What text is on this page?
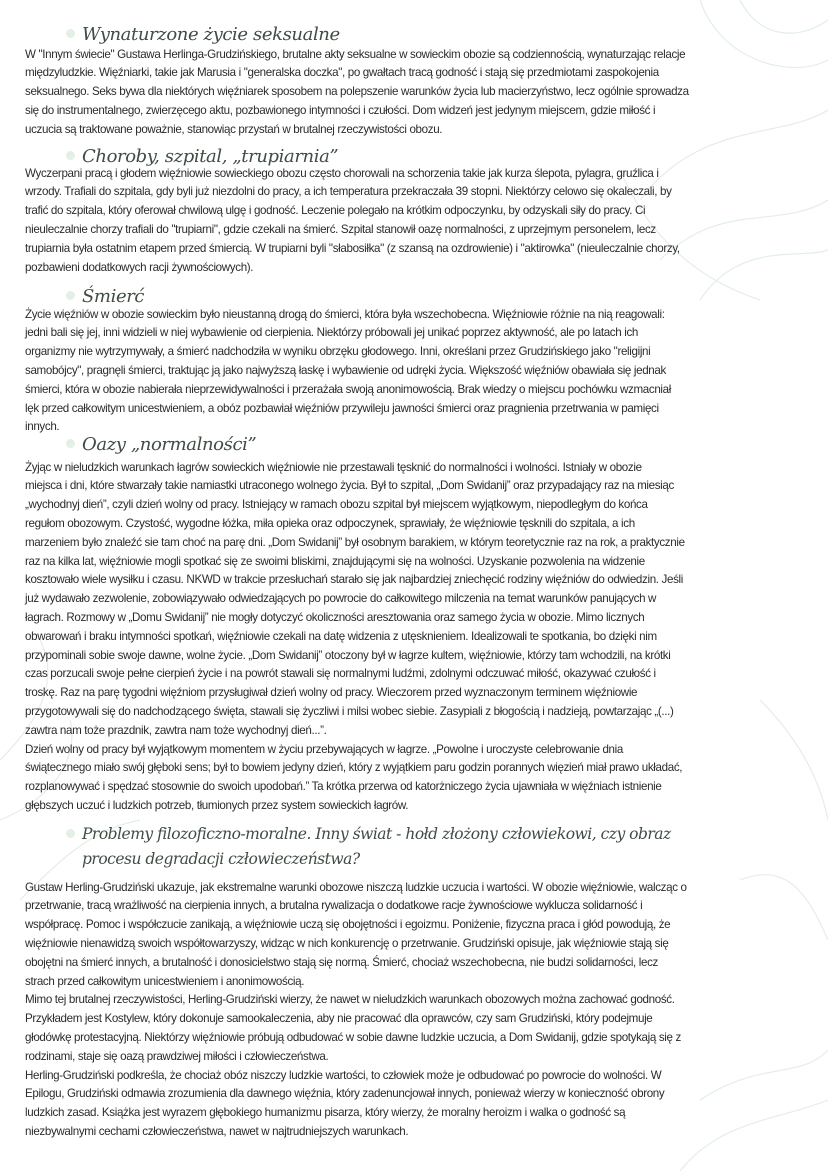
Wynaturzone życie seksualne
W "Innym świecie" Gustawa Herlinga-Grudzińskiego, brutalne akty seksualne w sowieckim obozie są codziennością, wynaturzając relacje
międzyludzkie. Więźniarki, takie jak Marusia i "generalska doczka", po gwałtach tracą godność i stają się przedmiotami zaspokojenia
seksualnego. Seks bywa dla niektórych więźniarek sposobem na polepszenie warunków życia lub macierzyństwo, lecz ogólnie sprowadza
się do instrumentalnego, zwierzęcego aktu, pozbawionego intymności i czułości. Dom widzeń jest jedynym miejscem, gdzie miłość i
uczucia są traktowane poważnie, stanowiąc przystań w brutalnej rzeczywistości obozu.
Choroby, szpital, „trupiarnia”
Wyczerpani pracą i głodem więźniowie sowieckiego obozu często chorowali na schorzenia takie jak kurza ślepota, pylagra, gruźlica i
wrzody. Trafiali do szpitala, gdy byli już niezdolni do pracy, a ich temperatura przekraczała 39 stopni. Niektórzy celowo się okaleczali, by
trafić do szpitala, który oferował chwilową ulgę i godność. Leczenie polegało na krótkim odpoczynku, by odzyskali siły do pracy. Ci
nieuleczalnie chorzy trafiali do "trupiarni", gdzie czekali na śmierć. Szpital stanowił oazę normalności, z uprzejmym personelem, lecz
trupiarnia była ostatnim etapem przed śmiercią. W trupiarni byli "słabosiłka" (z szansą na ozdrowienie) i "aktirowka" (nieuleczalnie chorzy,
pozbawieni dodatkowych racji żywnościowych).
Śmierć
Życie więźniów w obozie sowieckim było nieustanną drogą do śmierci, która była wszechobecna. Więźniowie różnie na nią reagowali:
jedni bali się jej, inni widzieli w niej wybawienie od cierpienia. Niektórzy próbowali jej unikać poprzez aktywność, ale po latach ich
organizmy nie wytrzymywały, a śmierć nadchodziła w wyniku obrzęku głodowego. Inni, określani przez Grudzińskiego jako "religijni
samobójcy", pragnęli śmierci, traktując ją jako najwyższą łaskę i wybawienie od udręki życia. Większość więźniów obawiała się jednak
śmierci, która w obozie nabierała nieprzewidywalności i przerażała swoją anonimowością. Brak wiedzy o miejscu pochówku wzmacniał
lęk przed całkowitym unicestwieniem, a obóz pozbawiał więźniów przywileju jawności śmierci oraz pragnienia przetrwania w pamięci
innych.
Oazy „normalności”
Żyjąc w nieludzkich warunkach łagrów sowieckich więźniowie nie przestawali tęsknić do normalności i wolności. Istniały w obozie
miejsca i dni, które stwarzały takie namiastki utraconego wolnego życia. Był to szpital, „Dom Swidanij” oraz przypadający raz na miesiąc
„wychodnyj dień”, czyli dzień wolny od pracy. Istniejący w ramach obozu szpital był miejscem wyjątkowym, niepodległym do końca
regułom obozowym. Czystość, wygodne łóżka, miła opieka oraz odpoczynek, sprawiały, że więźniowie tęsknili do szpitala, a ich
marzeniem było znaleźć sie tam choć na parę dni. „Dom Swidanij” był osobnym barakiem, w którym teoretycznie raz na rok, a praktycznie
raz na kilka lat, więźniowie mogli spotkać się ze swoimi bliskimi, znajdującymi się na wolności. Uzyskanie pozwolenia na widzenie
kosztowało wiele wysiłku i czasu. NKWD w trakcie przesłuchań starało się jak najbardziej zniechęcić rodziny więźniów do odwiedzin. Jeśli
już wydawało zezwolenie, zobowiązywało odwiedzających po powrocie do całkowitego milczenia na temat warunków panujących w
łagrach. Rozmowy w „Domu Swidanij” nie mogły dotyczyć okoliczności aresztowania oraz samego życia w obozie. Mimo licznych
obwarowań i braku intymności spotkań, więźniowie czekali na datę widzenia z utęsknieniem. Idealizowali te spotkania, bo dzięki nim
przypominali sobie swoje dawne, wolne życie. „Dom Swidanij” otoczony był w łagrze kultem, więźniowie, którzy tam wchodzili, na krótki
czas porzucali swoje pełne cierpień życie i na powrót stawali się normalnymi ludźmi, zdolnymi odczuwać miłość, okazywać czułość i
troskę. Raz na parę tygodni więźniom przysługiwał dzień wolny od pracy. Wieczorem przed wyznaczonym terminem więźniowie
przygotowywali się do nadchodzącego święta, stawali się życzliwi i milsi wobec siebie. Zasypiali z błogością i nadzieją, powtarzając „(...)
zawtra nam tożе prazdnik, zawtra nam tożе wychodnyj dień...”.
Dzień wolny od pracy był wyjątkowym momentem w życiu przebywających w łagrze. „Powolne i uroczyste celebrowanie dnia
świątecznego miało swój głęboki sens; był to bowiem jedyny dzień, który z wyjątkiem paru godzin porannych więzień miał prawo układać,
rozplanowywać i spędzać stosownie do swoich upodobań.” Ta krótka przerwa od katorżniczego życia ujawniała w więźniach istnienie
głębszych uczuć i ludzkich potrzeb, tłumionych przez system sowieckich łagrów.
Problemy filozoficzno-moralne. Inny świat - hołd złożony człowiekowi, czy obraz
procesu degradacji człowieczeństwa?
Gustaw Herling-Grudziński ukazuje, jak ekstremalne warunki obozowe niszczą ludzkie uczucia i wartości. W obozie więźniowie, walcząc o
przetrwanie, tracą wrażliwość na cierpienia innych, a brutalna rywalizacja o dodatkowe racje żywnościowe wyklucza solidarność i
współpracę. Pomoc i współczucie zanikają, a więźniowie uczą się obojętności i egoizmu. Poniżenie, fizyczna praca i głód powodują, że
więźniowie nienawidzą swoich współtowarzyszy, widząc w nich konkurencję o przetrwanie. Grudziński opisuje, jak więźniowie stają się
obojętni na śmierć innych, a brutalność i donosicielstwo stają się normą. Śmierć, chociaż wszechobecna, nie budzi solidarności, lecz
strach przed całkowitym unicestwieniem i anonimowością.
Mimo tej brutalnej rzeczywistości, Herling-Grudziński wierzy, że nawet w nieludzkich warunkach obozowych można zachować godność.
Przykładem jest Kostylew, który dokonuje samookaleczenia, aby nie pracować dla oprawców, czy sam Grudziński, który podejmuje
głodówkę protestacyjną. Niektórzy więźniowie próbują odbudować w sobie dawne ludzkie uczucia, a Dom Swidanij, gdzie spotykają się z
rodzinami, staje się oazą prawdziwej miłości i człowieczeństwa.
Herling-Grudziński podkreśla, że chociaż obóz niszczy ludzkie wartości, to człowiek może je odbudować po powrocie do wolności. W
Epilogu, Grudziński odmawia zrozumienia dla dawnego więźnia, który zadenuncjował innych, ponieważ wierzy w konieczność obrony
ludzkich zasad. Książka jest wyrazem głębokiego humanizmu pisarza, który wierzy, że moralny heroizm i walka o godność są
niezbywalnymi cechami człowieczeństwa, nawet w najtrudniejszych warunkach.
